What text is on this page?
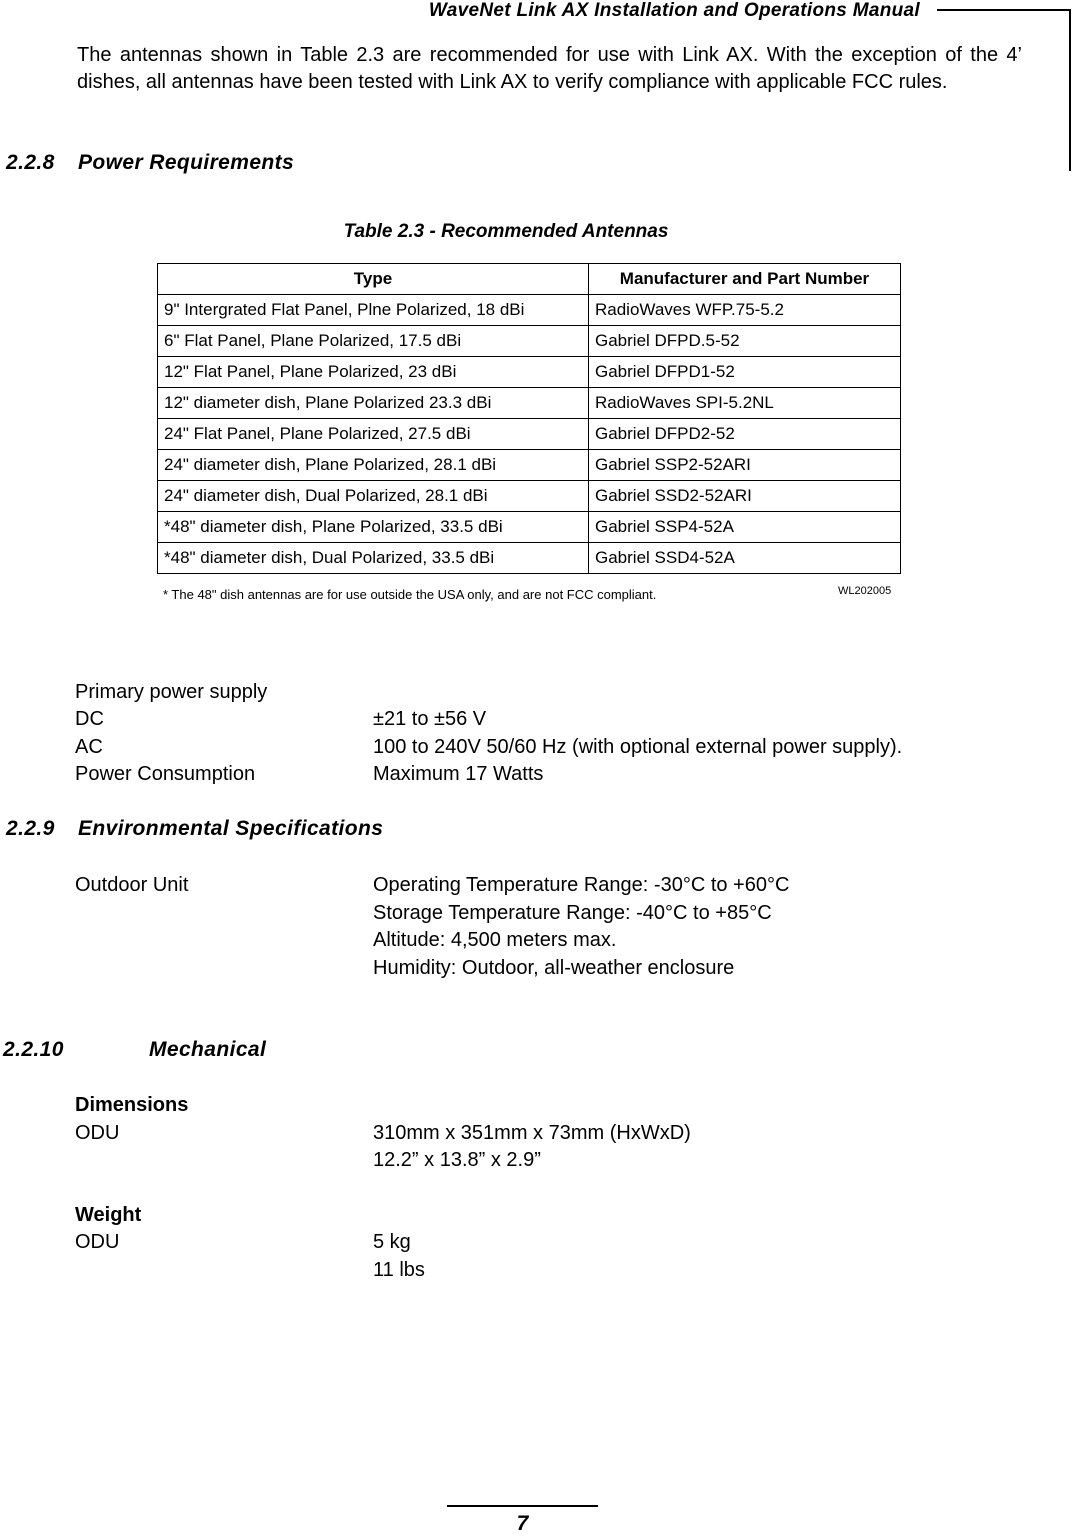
WaveNet Link AX Installation and Operations Manual
The antennas shown in Table 2.3 are recommended for use with Link AX. With the exception of the 4’ dishes, all antennas have been tested with Link AX to verify compliance with applicable FCC rules.
2.2.8 Power Requirements
Table 2.3 - Recommended Antennas
Type	Manufacturer and Part Number
9" Intergrated Flat Panel, Plne Polarized, 18 dBi	RadioWaves WFP.75-5.2
6" Flat Panel, Plane Polarized, 17.5 dBi	Gabriel DFPD.5-52
12" Flat Panel, Plane Polarized, 23 dBi	Gabriel DFPD1-52
12" diameter dish, Plane Polarized 23.3 dBi	RadioWaves SPI-5.2NL
24" Flat Panel, Plane Polarized, 27.5 dBi	Gabriel DFPD2-52
24" diameter dish, Plane Polarized, 28.1 dBi	Gabriel SSP2-52ARI
24" diameter dish, Dual Polarized, 28.1 dBi	Gabriel SSD2-52ARI
*48" diameter dish, Plane Polarized, 33.5 dBi	Gabriel SSP4-52A
*48" diameter dish, Dual Polarized, 33.5 dBi	Gabriel SSD4-52A
* The 48" dish antennas are for use outside the USA only, and are not FCC compliant.	WL202005
Primary power supply
DC	±21 to ±56 V
AC	100 to 240V 50/60 Hz (with optional external power supply).
Power Consumption	Maximum 17 Watts
2.2.9 Environmental Specifications
Outdoor Unit	Operating Temperature Range: -30°C to +60°C
Storage Temperature Range: -40°C to +85°C
Altitude: 4,500 meters max.
Humidity: Outdoor, all-weather enclosure
2.2.10	Mechanical
Dimensions
ODU	310mm x 351mm x 73mm (HxWxD)
12.2” x 13.8” x 2.9”
Weight
ODU	5 kg
11 lbs
7
